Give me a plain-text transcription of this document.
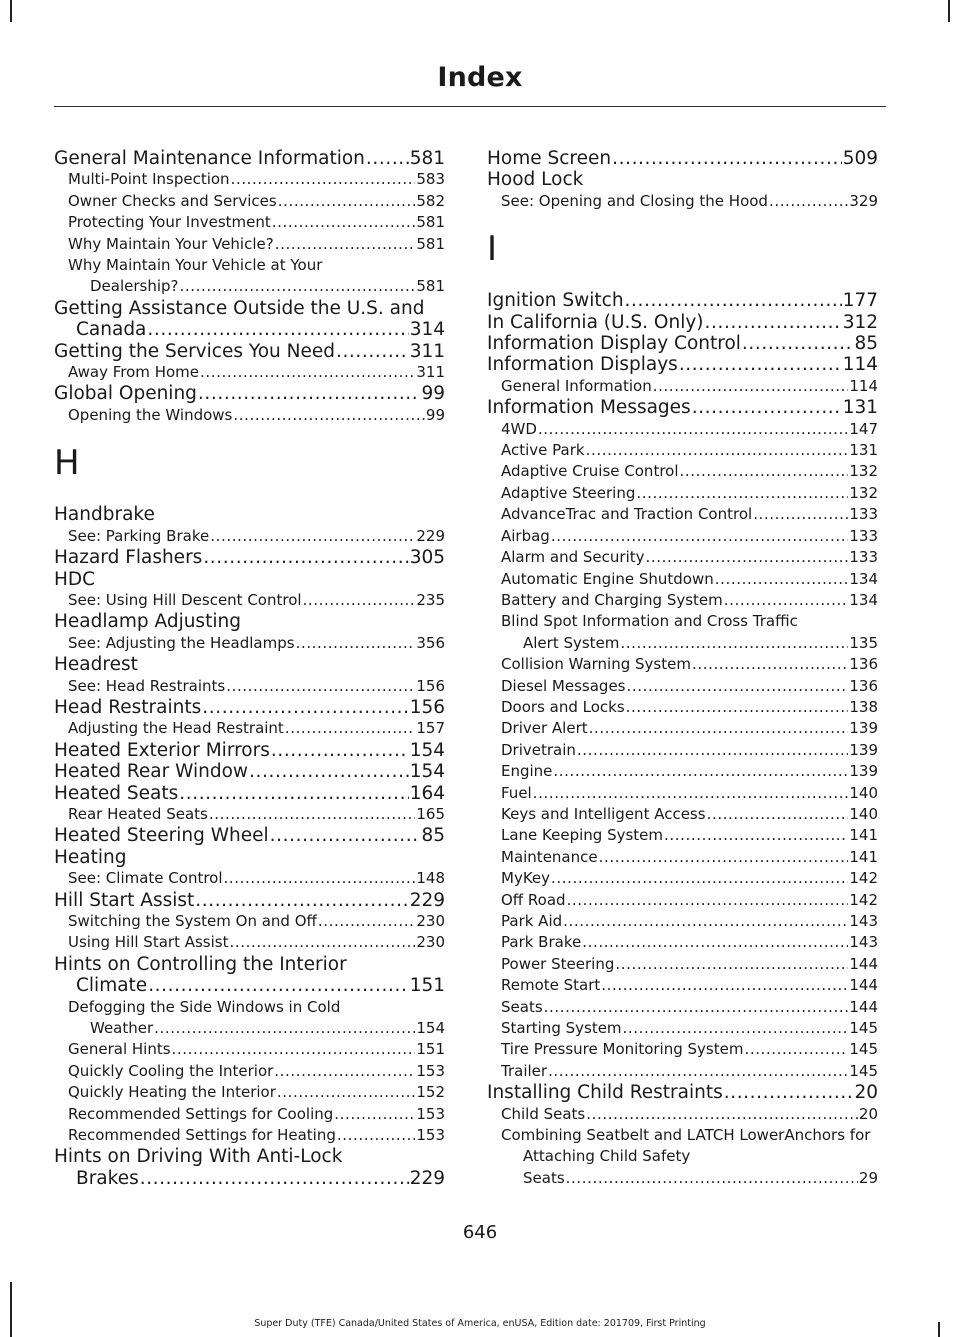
Index
General Maintenance Information ..... 581
Multi-Point Inspection .....	583
Owner Checks and Services .....	582
Protecting Your Investment .....	581
Why Maintain Your Vehicle? .....	581
Why Maintain Your Vehicle at Your
Dealership? .....	581
Getting Assistance Outside the U.S. and
Canada .....	314
Getting the Services You Need .....	311
Away From Home .....	311
Global Opening .....	99
Opening the Windows .....	99
H
Handbrake
See: Parking Brake .....	229
Hazard Flashers .....	305
HDC
See: Using Hill Descent Control .....	235
Headlamp Adjusting
See: Adjusting the Headlamps .....	356
Headrest
See: Head Restraints .....	156
Head Restraints .....	156
Adjusting the Head Restraint .....	157
Heated Exterior Mirrors .....	154
Heated Rear Window .....	154
Heated Seats .....	164
Rear Heated Seats .....	165
Heated Steering Wheel .....	85
Heating
See: Climate Control .....	148
Hill Start Assist .....	229
Switching the System On and Off .....	230
Using Hill Start Assist .....	230
Hints on Controlling the Interior
Climate .....	151
Defogging the Side Windows in Cold
Weather .....	154
General Hints .....	151
Quickly Cooling the Interior .....	153
Quickly Heating the Interior .....	152
Recommended Settings for Cooling .....	153
Recommended Settings for Heating .....	153
Hints on Driving With Anti-Lock
Brakes .....	229
Home Screen .....	509
Hood Lock
See: Opening and Closing the Hood .....	329
I
Ignition Switch .....	177
In California (U.S. Only) .....	312
Information Display Control .....	85
Information Displays .....	114
General Information .....	114
Information Messages .....	131
4WD .....	147
Active Park .....	131
Adaptive Cruise Control .....	132
Adaptive Steering .....	132
AdvanceTrac and Traction Control .....	133
Airbag .....	133
Alarm and Security .....	133
Automatic Engine Shutdown .....	134
Battery and Charging System .....	134
Blind Spot Information and Cross Traffic
Alert System .....	135
Collision Warning System .....	136
Diesel Messages .....	136
Doors and Locks .....	138
Driver Alert .....	139
Drivetrain .....	139
Engine .....	139
Fuel .....	140
Keys and Intelligent Access .....	140
Lane Keeping System .....	141
Maintenance .....	141
MyKey .....	142
Off Road .....	142
Park Aid .....	143
Park Brake .....	143
Power Steering .....	144
Remote Start .....	144
Seats .....	144
Starting System .....	145
Tire Pressure Monitoring System .....	145
Trailer .....	145
Installing Child Restraints .....	20
Child Seats .....	20
Combining Seatbelt and LATCH LowerAnchors for Attaching Child Safety
Seats .....	29
646
Super Duty (TFE) Canada/United States of America, enUSA, Edition date: 201709, First Printing
